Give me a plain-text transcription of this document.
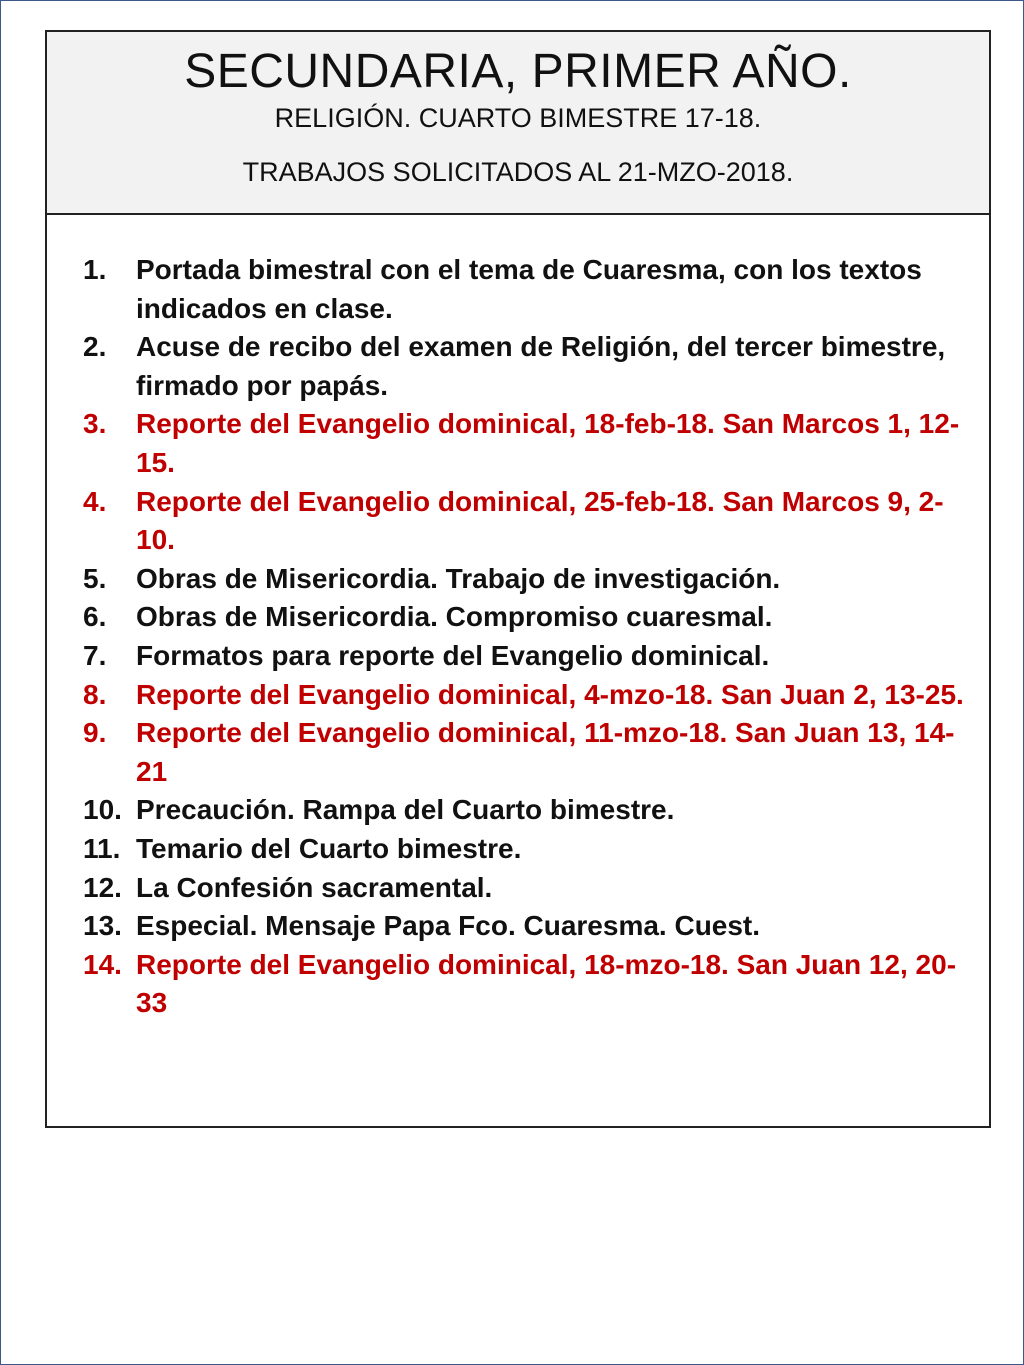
SECUNDARIA, PRIMER AÑO.
RELIGIÓN. CUARTO BIMESTRE 17-18.
TRABAJOS SOLICITADOS AL 21-MZO-2018.
1. Portada bimestral con el tema de Cuaresma, con los textos indicados en clase.
2. Acuse de recibo del examen de Religión, del tercer bimestre, firmado por papás.
3. Reporte del Evangelio dominical, 18-feb-18. San Marcos 1, 12-15.
4. Reporte del Evangelio dominical, 25-feb-18. San Marcos 9, 2-10.
5. Obras de Misericordia. Trabajo de investigación.
6. Obras de Misericordia. Compromiso cuaresmal.
7. Formatos para reporte del Evangelio dominical.
8. Reporte del Evangelio dominical, 4-mzo-18. San Juan 2, 13-25.
9. Reporte del Evangelio dominical, 11-mzo-18. San Juan 13, 14-21
10. Precaución. Rampa del Cuarto bimestre.
11. Temario del Cuarto bimestre.
12. La Confesión sacramental.
13. Especial. Mensaje Papa Fco. Cuaresma. Cuest.
14. Reporte del Evangelio dominical, 18-mzo-18. San Juan 12, 20-33
